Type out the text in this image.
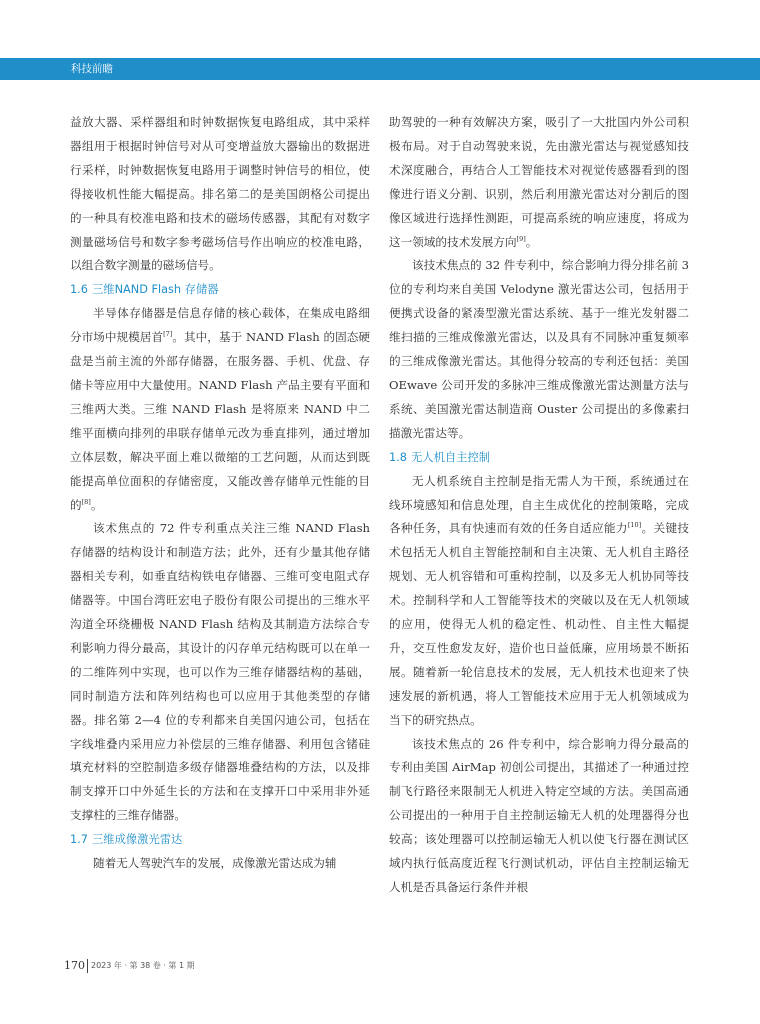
科技前瞻

益放大器、采样器组和时钟数据恢复电路组成，其中采样器组用于根据时钟信号对从可变增益放大器输出的数据进行采样，时钟数据恢复电路用于调整时钟信号的相位，使得接收机性能大幅提高。排名第二的是美国朗格公司提出的一种具有校准电路和技术的磁场传感器，其配有对数字测量磁场信号和数字参考磁场信号作出响应的校准电路，以组合数字测量的磁场信号。

1.6 三维NAND Flash 存储器

半导体存储器是信息存储的核心载体，在集成电路细分市场中规模居首[7]。其中，基于 NAND Flash 的固态硬盘是当前主流的外部存储器，在服务器、手机、优盘、存储卡等应用中大量使用。NAND Flash 产品主要有平面和三维两大类。三维 NAND Flash 是将原来 NAND 中二维平面横向排列的串联存储单元改为垂直排列，通过增加立体层数，解决平面上难以微缩的工艺问题，从而达到既能提高单位面积的存储密度，又能改善存储单元性能的目的[8]。

该术焦点的 72 件专利重点关注三维 NAND Flash 存储器的结构设计和制造方法；此外，还有少量其他存储器相关专利，如垂直结构铁电存储器、三维可变电阻式存储器等。中国台湾旺宏电子股份有限公司提出的三维水平沟道全环绕栅极 NAND Flash 结构及其制造方法综合专利影响力得分最高，其设计的闪存单元结构既可以在单一的二维阵列中实现，也可以作为三维存储器结构的基础，同时制造方法和阵列结构也可以应用于其他类型的存储器。排名第 2—4 位的专利都来自美国闪迪公司，包括在字线堆叠内采用应力补偿层的三维存储器、利用包含锗硅填充材料的空腔制造多级存储器堆叠结构的方法，以及排制支撑开口中外延生长的方法和在支撑开口中采用非外延支撑柱的三维存储器。

1.7 三维成像激光雷达

随着无人驾驶汽车的发展，成像激光雷达成为辅

助驾驶的一种有效解决方案，吸引了一大批国内外公司积极布局。对于自动驾驶来说，先由激光雷达与视觉感知技术深度融合，再结合人工智能技术对视觉传感器看到的图像进行语义分割、识别，然后利用激光雷达对分割后的图像区域进行选择性测距，可提高系统的响应速度，将成为这一领域的技术发展方向[9]。

该技术焦点的 32 件专利中，综合影响力得分排名前 3 位的专利均来自美国 Velodyne 激光雷达公司，包括用于便携式设备的紧凑型激光雷达系统、基于一维光发射器二维扫描的三维成像激光雷达，以及具有不同脉冲重复频率的三维成像激光雷达。其他得分较高的专利还包括：美国 OEwave 公司开发的多脉冲三维成像激光雷达测量方法与系统、美国激光雷达制造商 Ouster 公司提出的多像素扫描激光雷达等。

1.8 无人机自主控制

无人机系统自主控制是指无需人为干预，系统通过在线环境感知和信息处理，自主生成优化的控制策略，完成各种任务，具有快速而有效的任务自适应能力[10]。关键技术包括无人机自主智能控制和自主决策、无人机自主路径规划、无人机容错和可重构控制，以及多无人机协同等技术。控制科学和人工智能等技术的突破以及在无人机领域的应用，使得无人机的稳定性、机动性、自主性大幅提升，交互性愈发友好，造价也日益低廉，应用场景不断拓展。随着新一轮信息技术的发展，无人机技术也迎来了快速发展的新机遇，将人工智能技术应用于无人机领域成为当下的研究热点。

该技术焦点的 26 件专利中，综合影响力得分最高的专利由美国 AirMap 初创公司提出，其描述了一种通过控制飞行路径来限制无人机进入特定空域的方法。美国高通公司提出的一种用于自主控制运输无人机的处理器得分也较高；该处理器可以控制运输无人机以使飞行器在测试区域内执行低高度近程飞行测试机动，评估自主控制运输无人机是否具备运行条件并根

170 2023 年 · 第 38 卷 · 第 1 期
